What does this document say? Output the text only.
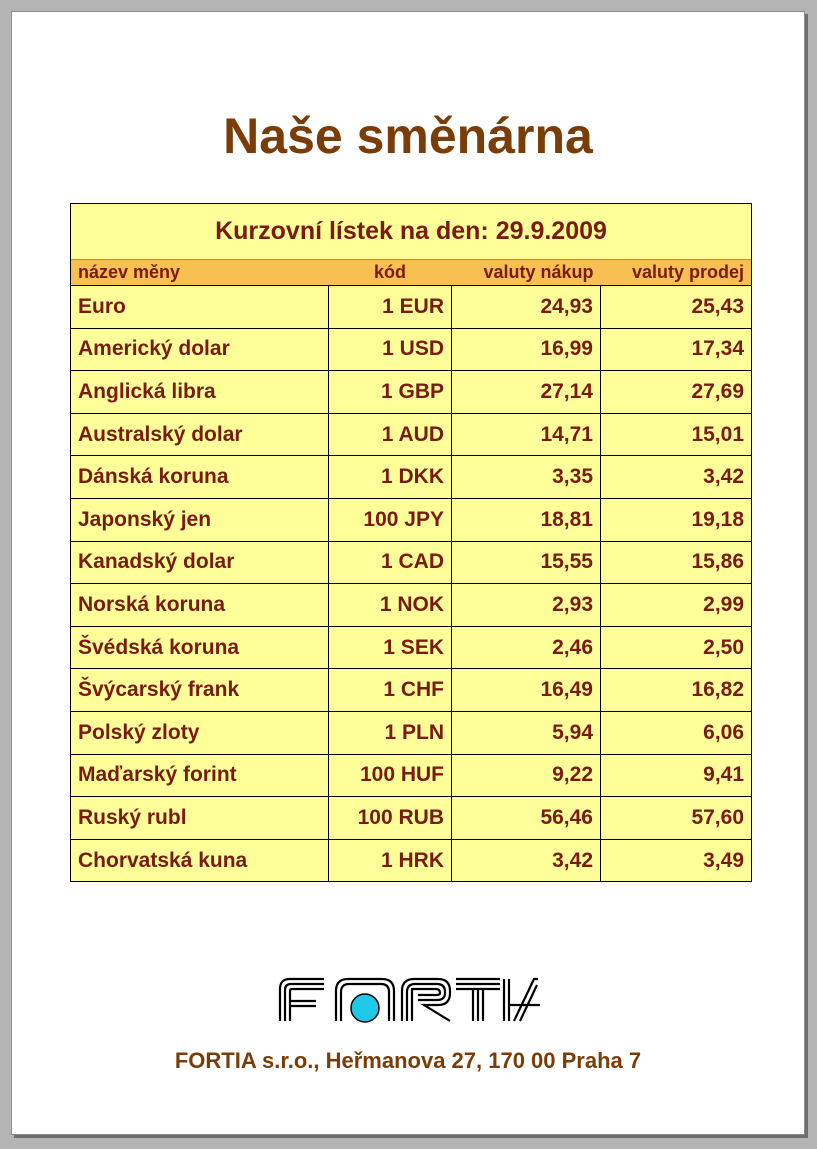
Naše směnárna
Kurzovní lístek na den: 29.9.2009			
název měny	kód	valuty nákup	valuty prodej
Euro	1 EUR	24,93	25,43
Americký dolar	1 USD	16,99	17,34
Anglická libra	1 GBP	27,14	27,69
Australský dolar	1 AUD	14,71	15,01
Dánská koruna	1 DKK	3,35	3,42
Japonský jen	100 JPY	18,81	19,18
Kanadský dolar	1 CAD	15,55	15,86
Norská koruna	1 NOK	2,93	2,99
Švédská koruna	1 SEK	2,46	2,50
Švýcarský frank	1 CHF	16,49	16,82
Polský zloty	1 PLN	5,94	6,06
Maďarský forint	100 HUF	9,22	9,41
Ruský rubl	100 RUB	56,46	57,60
Chorvatská kuna	1 HRK	3,42	3,49
FORTIA s.r.o., Heřmanova 27, 170 00 Praha 7
